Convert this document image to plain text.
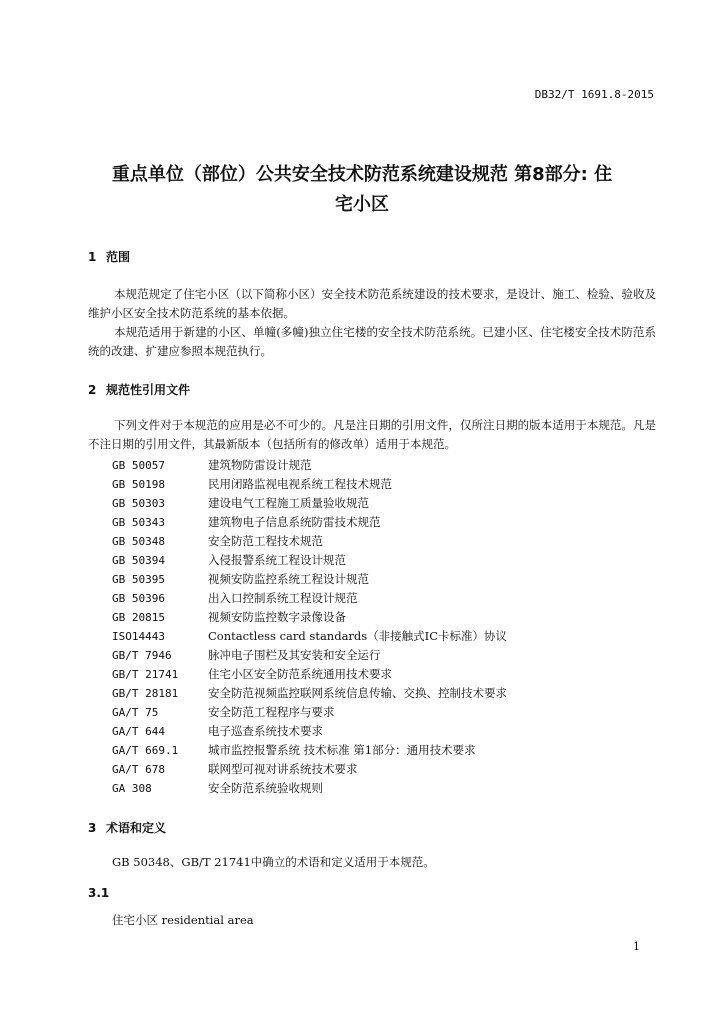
DB32/T 1691.8-2015
重点单位（部位）公共安全技术防范系统建设规范 第8部分: 住
宅小区
1 范围
本规范规定了住宅小区（以下简称小区）安全技术防范系统建设的技术要求，是设计、施工、检验、验收及维护小区安全技术防范系统的基本依据。
本规范适用于新建的小区、单幢(多幢)独立住宅楼的安全技术防范系统。已建小区、住宅楼安全技术防范系统的改建、扩建应参照本规范执行。
2 规范性引用文件
下列文件对于本规范的应用是必不可少的。凡是注日期的引用文件，仅所注日期的版本适用于本规范。凡是不注日期的引用文件，其最新版本（包括所有的修改单）适用于本规范。
GB 50057	建筑物防雷设计规范
GB 50198	民用闭路监视电视系统工程技术规范
GB 50303	建设电气工程施工质量验收规范
GB 50343	建筑物电子信息系统防雷技术规范
GB 50348	安全防范工程技术规范
GB 50394	入侵报警系统工程设计规范
GB 50395	视频安防监控系统工程设计规范
GB 50396	出入口控制系统工程设计规范
GB 20815	视频安防监控数字录像设备
ISO14443	Contactless card standards（非接触式IC卡标准）协议
GB/T 7946	脉冲电子围栏及其安装和安全运行
GB/T 21741	住宅小区安全防范系统通用技术要求
GB/T 28181	安全防范视频监控联网系统信息传输、交换、控制技术要求
GA/T 75	安全防范工程程序与要求
GA/T 644	电子巡查系统技术要求
GA/T 669.1	城市监控报警系统 技术标准 第1部分：通用技术要求
GA/T 678	联网型可视对讲系统技术要求
GA 308	安全防范系统验收规则
3 术语和定义
GB 50348、GB/T 21741中确立的术语和定义适用于本规范。
3.1
住宅小区 residential area
1
